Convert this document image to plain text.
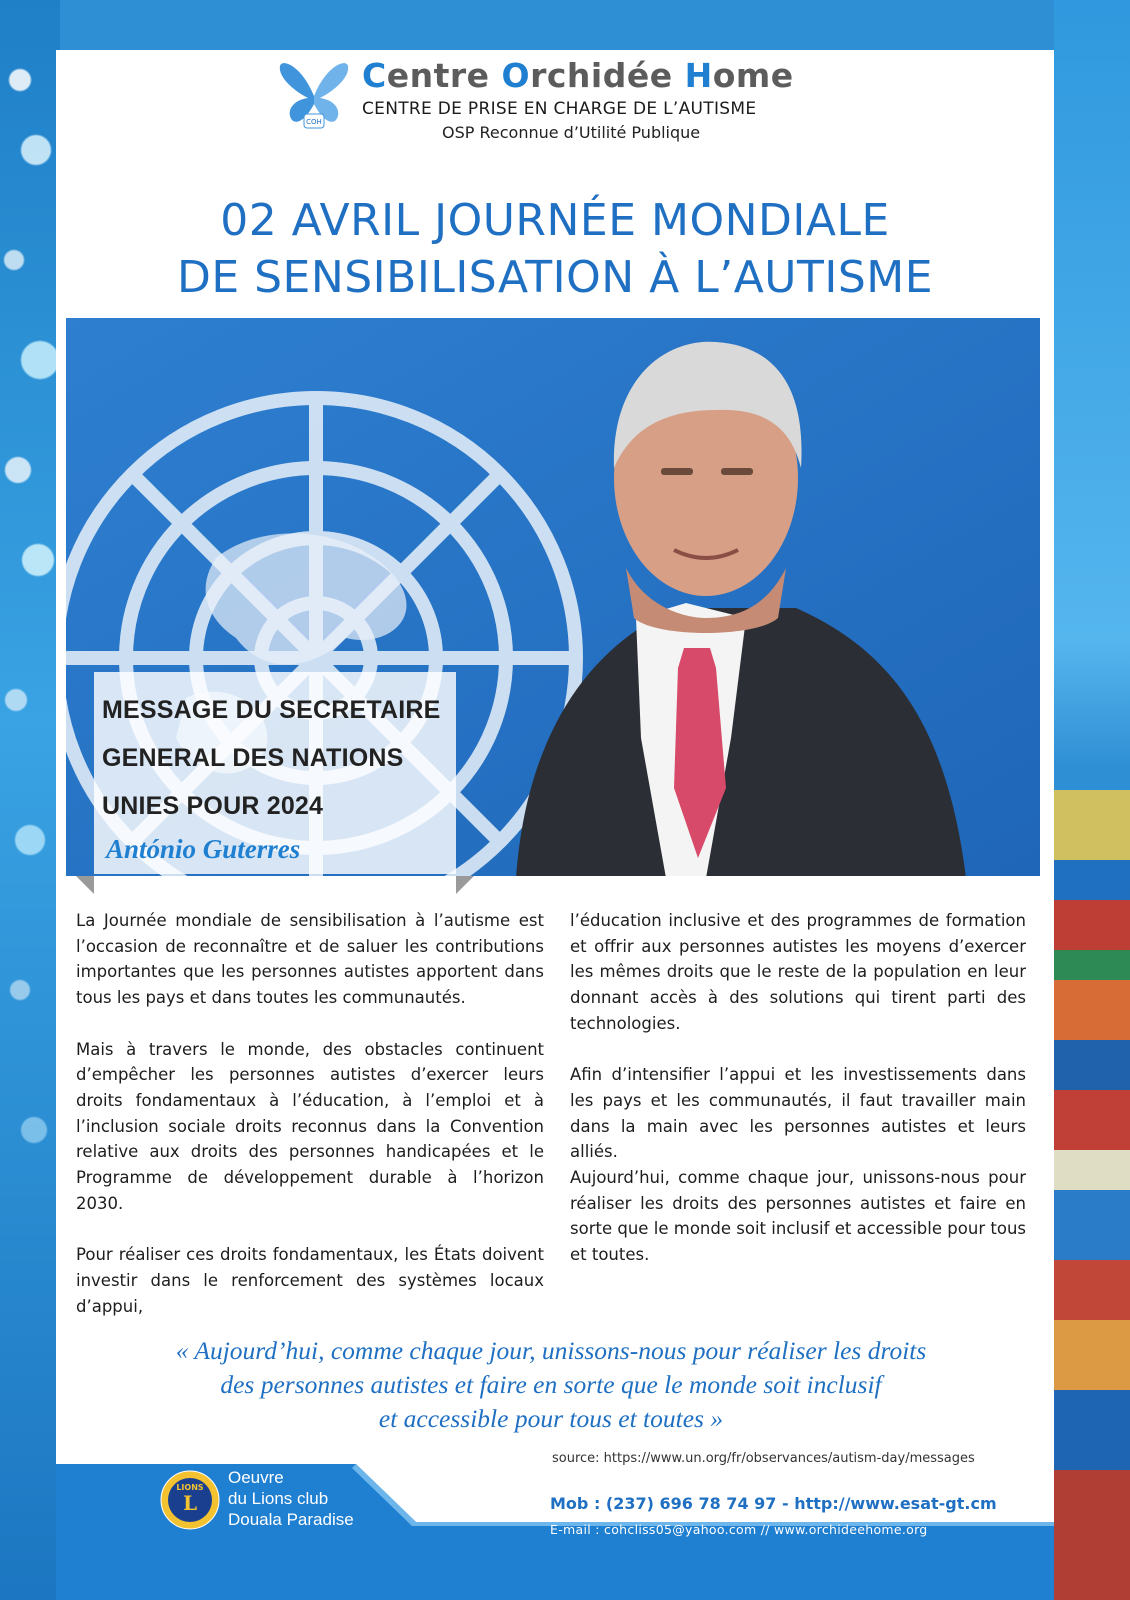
COH
Centre Orchidée Home
CENTRE DE PRISE EN CHARGE DE L’AUTISME
OSP Reconnue d’Utilité Publique
02 AVRIL JOURNÉE MONDIALE
DE SENSIBILISATION À L’AUTISME
MESSAGE DU SECRETAIRE
GENERAL DES NATIONS
UNIES POUR 2024
António Guterres

La Journée mondiale de sensibilisation à l’autisme est l’occasion de reconnaître et de saluer les contributions importantes que les personnes autistes apportent dans tous les pays et dans toutes les communautés.

Mais à travers le monde, des obstacles continuent d’empêcher les personnes autistes d’exercer leurs droits fondamentaux à l’éducation, à l’emploi et à l’inclusion sociale droits reconnus dans la Convention relative aux droits des personnes handicapées et le Programme de développement durable à l’horizon 2030.

Pour réaliser ces droits fondamentaux, les États doivent investir dans le renforcement des systèmes locaux d’appui,

l’éducation inclusive et des programmes de formation et offrir aux personnes autistes les moyens d’exercer les mêmes droits que le reste de la population en leur donnant accès à des solutions qui tirent parti des technologies.

Afin d’intensifier l’appui et les investissements dans les pays et les communautés, il faut travailler main dans la main avec les personnes autistes et leurs alliés.

Aujourd’hui, comme chaque jour, unissons-nous pour réaliser les droits des personnes autistes et faire en sorte que le monde soit inclusif et accessible pour tous et toutes.

« Aujourd’hui, comme chaque jour, unissons-nous pour réaliser les droits
des personnes autistes et faire en sorte que le monde soit inclusif
et accessible pour tous et toutes »
source: https://www.un.org/fr/observances/autism-day/messages
LIONS
L
Oeuvre
du Lions club
Douala Paradise
Mob : (237) 696 78 74 97 - http://www.esat-gt.cm
E-mail : cohcliss05@yahoo.com // www.orchideehome.org
